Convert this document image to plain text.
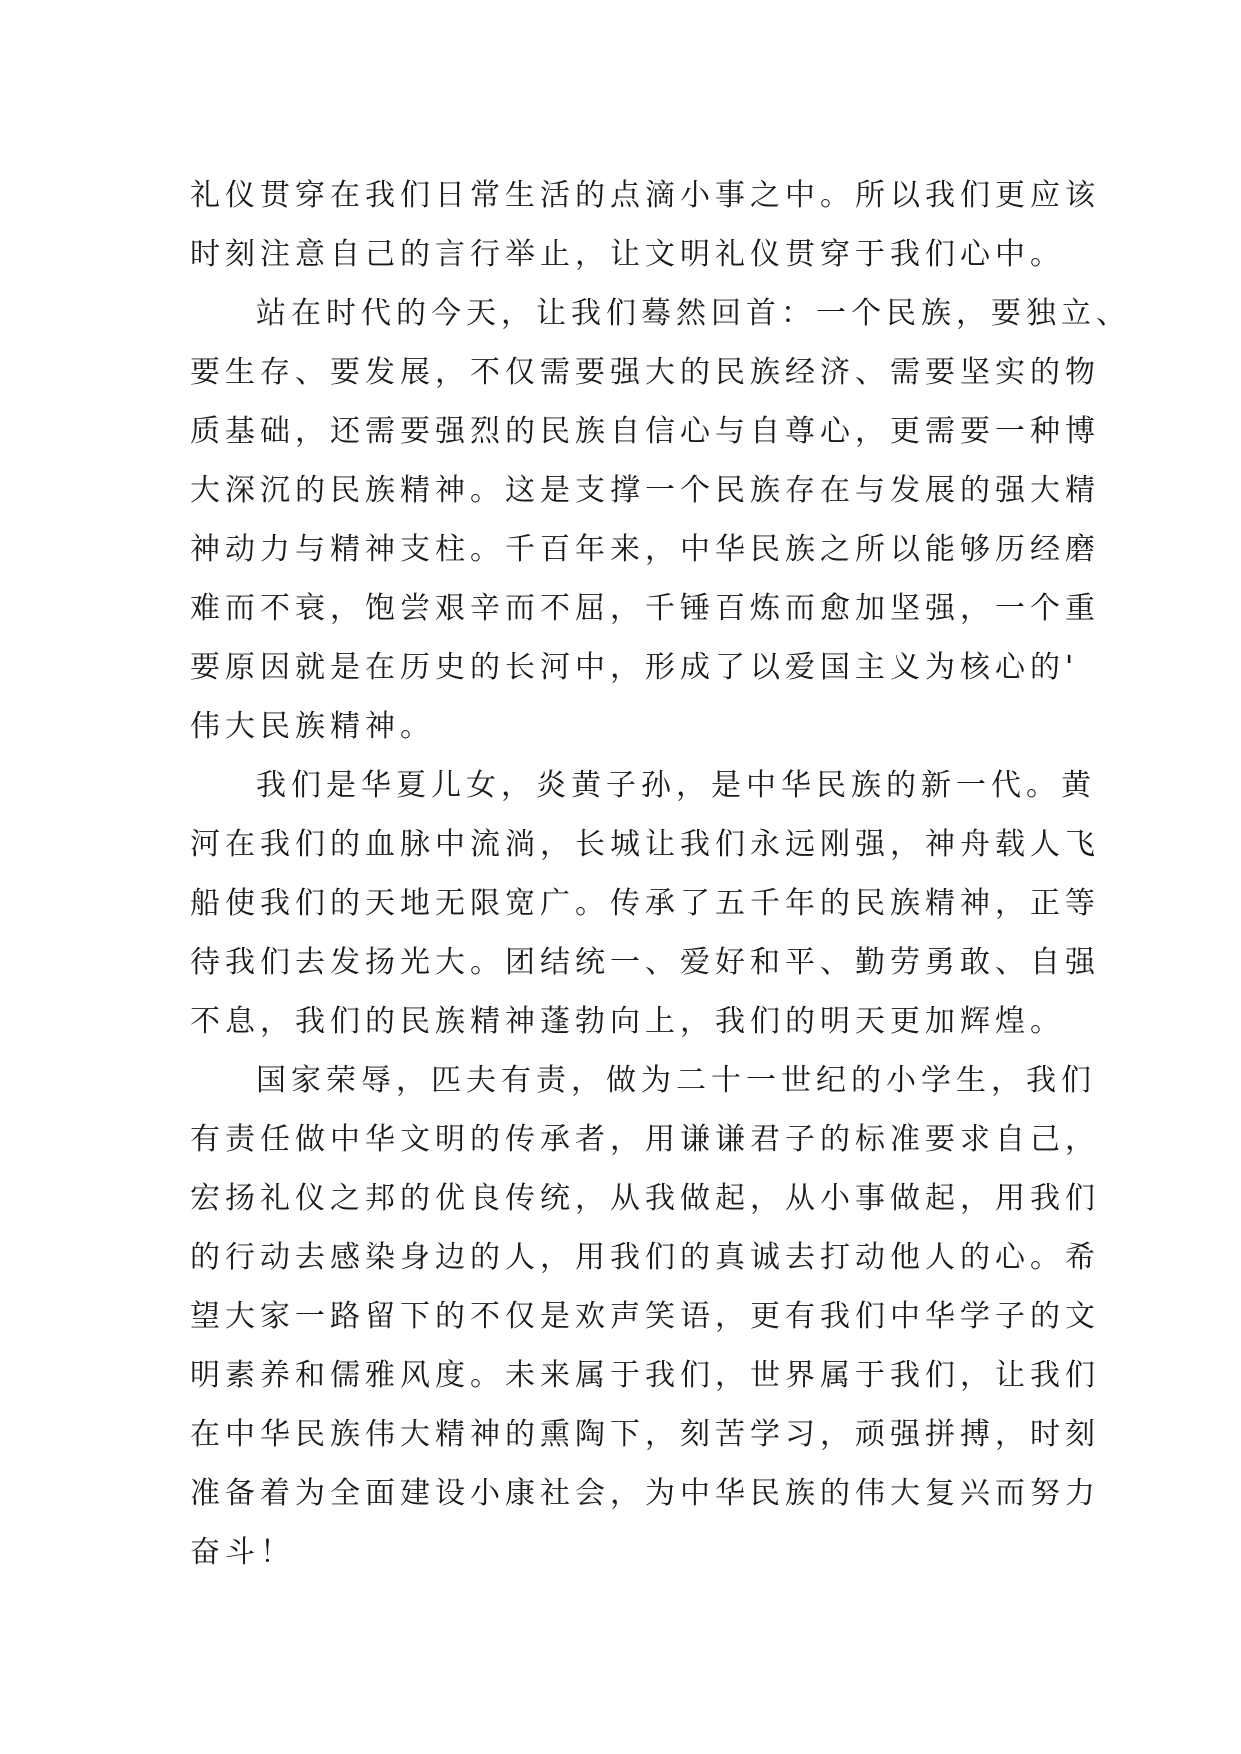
礼仪贯穿在我们日常生活的点滴小事之中。所以我们更应该
时刻注意自己的言行举止，让文明礼仪贯穿于我们心中。
站在时代的今天，让我们蓦然回首：一个民族，要独立、
要生存、要发展，不仅需要强大的民族经济、需要坚实的物
质基础，还需要强烈的民族自信心与自尊心，更需要一种博
大深沉的民族精神。这是支撑一个民族存在与发展的强大精
神动力与精神支柱。千百年来，中华民族之所以能够历经磨
难而不衰，饱尝艰辛而不屈，千锤百炼而愈加坚强，一个重
要原因就是在历史的长河中，形成了以爱国主义为核心的'
伟大民族精神。
我们是华夏儿女，炎黄子孙，是中华民族的新一代。黄
河在我们的血脉中流淌，长城让我们永远刚强，神舟载人飞
船使我们的天地无限宽广。传承了五千年的民族精神，正等
待我们去发扬光大。团结统一、爱好和平、勤劳勇敢、自强
不息，我们的民族精神蓬勃向上，我们的明天更加辉煌。
国家荣辱，匹夫有责，做为二十一世纪的小学生，我们
有责任做中华文明的传承者，用谦谦君子的标准要求自己，
宏扬礼仪之邦的优良传统，从我做起，从小事做起，用我们
的行动去感染身边的人，用我们的真诚去打动他人的心。希
望大家一路留下的不仅是欢声笑语，更有我们中华学子的文
明素养和儒雅风度。未来属于我们，世界属于我们，让我们
在中华民族伟大精神的熏陶下，刻苦学习，顽强拼搏，时刻
准备着为全面建设小康社会，为中华民族的伟大复兴而努力
奋斗！
